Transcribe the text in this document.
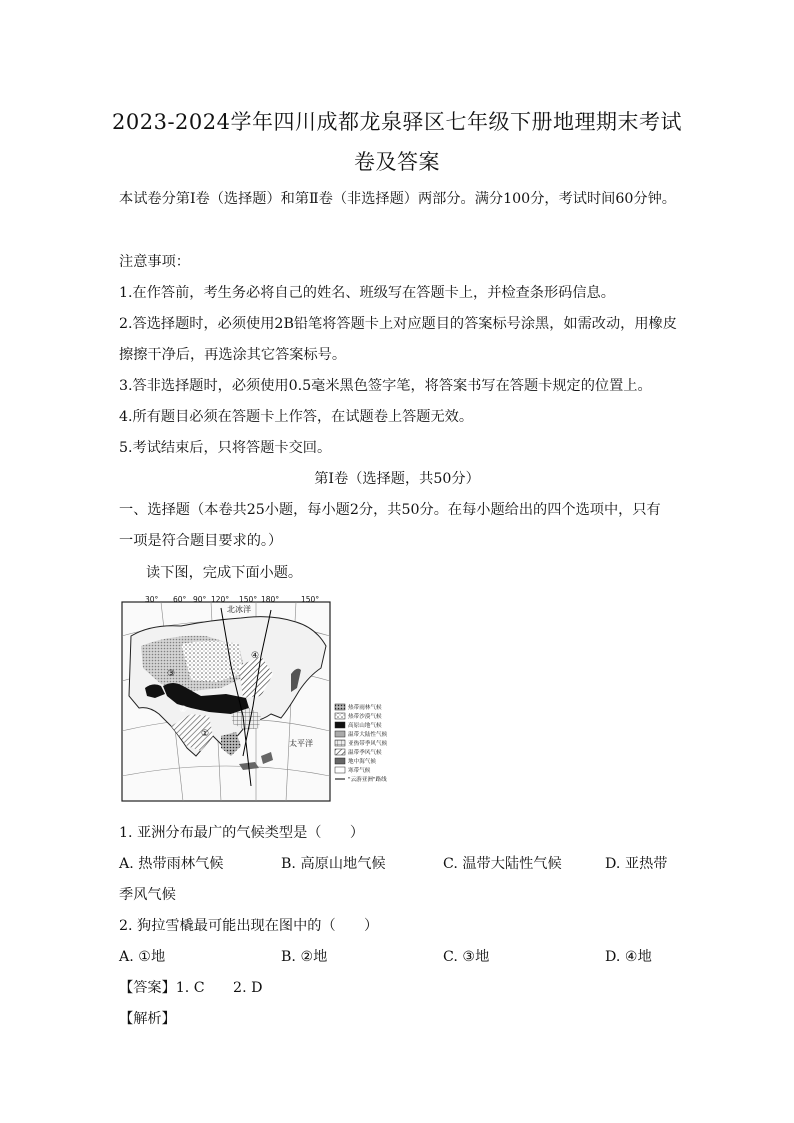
2023-2024学年四川成都龙泉驿区七年级下册地理期末考试
卷及答案
本试卷分第Ⅰ卷（选择题）和第Ⅱ卷（非选择题）两部分。满分100分，考试时间60分钟。
注意事项：
1.在作答前，考生务必将自己的姓名、班级写在答题卡上，并检查条形码信息。
2.答选择题时，必须使用2B铅笔将答题卡上对应题目的答案标号涂黑，如需改动，用橡皮
擦擦干净后，再选涂其它答案标号。
3.答非选择题时，必须使用0.5毫米黑色签字笔，将答案书写在答题卡规定的位置上。
4.所有题目必须在答题卡上作答，在试题卷上答题无效。
5.考试结束后，只将答题卡交回。
第Ⅰ卷（选择题，共50分）
一、选择题（本卷共25小题，每小题2分，共50分。在每小题给出的四个选项中，只有
一项是符合题目要求的。）
读下图，完成下面小题。
30° 60° 90° 120° 150° 180°	150°
北冰洋
太平洋
③
④
②
①
热带雨林气候
热带沙漠气候
高原山地气候
温带大陆性气候
亚热带季风气候
温带季风气候
地中海气候
寒带气候
"云游亚洲"路线
1. 亚洲分布最广的气候类型是（　　）
A. 热带雨林气候	B. 高原山地气候	C. 温带大陆性气候	D. 亚热带
季风气候
2. 狗拉雪橇最可能出现在图中的（　　）
A. ①地	B. ②地	C. ③地	D. ④地
【答案】1. C　　2. D
【解析】
